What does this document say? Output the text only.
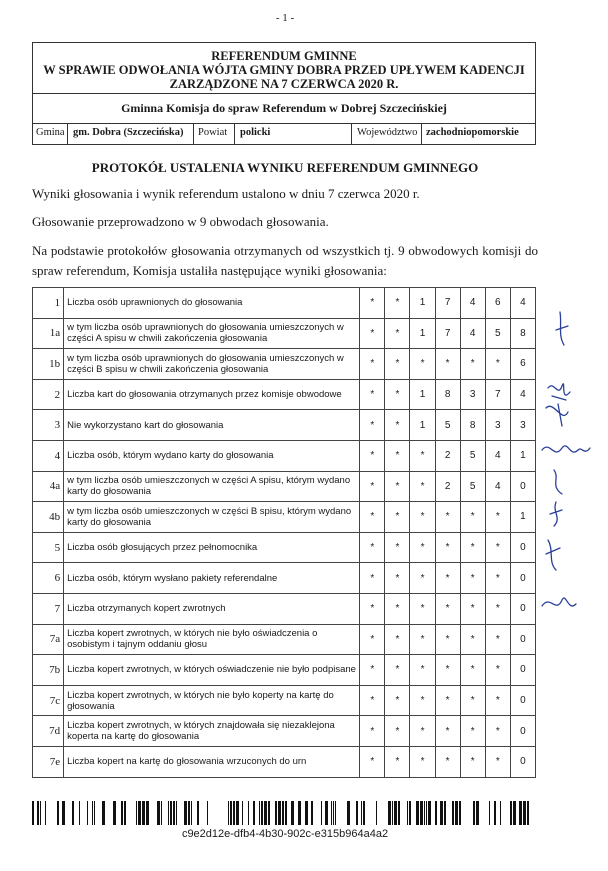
- 1 -
REFERENDUM GMINNE
W SPRAWIE ODWOŁANIA WÓJTA GMINY DOBRA PRZED UPŁYWEM KADENCJI
ZARZĄDZONE NA 7 CZERWCA 2020 R.
Gminna Komisja do spraw Referendum w Dobrej Szczecińskiej
Gmina gm. Dobra (Szczecińska) Powiat policki	Województwo zachodniopomorskie
PROTOKÓŁ USTALENIA WYNIKU REFERENDUM GMINNEGO
Wyniki głosowania i wynik referendum ustalono w dniu 7 czerwca 2020 r.
Głosowanie przeprowadzono w 9 obwodach głosowania.
Na podstawie protokołów głosowania otrzymanych od wszystkich tj. 9 obwodowych komisji do spraw referendum, Komisja ustaliła następujące wyniki głosowania:
1	Liczba osób uprawnionych do głosowania	*	*	1	7	4	6	4
1a	w tym liczba osób uprawnionych do głosowania umieszczonych w części A spisu w chwili zakończenia głosowania	*	*	1	7	4	5	8
1b	w tym liczba osób uprawnionych do głosowania umieszczonych w części B spisu w chwili zakończenia głosowania	*	*	*	*	*	*	6
2	Liczba kart do głosowania otrzymanych przez komisje obwodowe	*	*	1	8	3	7	4
3	Nie wykorzystano kart do głosowania	*	*	1	5	8	3	3
4	Liczba osób, którym wydano karty do głosowania	*	*	*	2	5	4	1
4a	w tym liczba osób umieszczonych w części A spisu, którym wydano karty do głosowania	*	*	*	2	5	4	0
4b	w tym liczba osób umieszczonych w części B spisu, którym wydano karty do głosowania	*	*	*	*	*	*	1
5	Liczba osób głosujących przez pełnomocnika	*	*	*	*	*	*	0
6	Liczba osób, którym wysłano pakiety referendalne	*	*	*	*	*	*	0
7	Liczba otrzymanych kopert zwrotnych	*	*	*	*	*	*	0
7a	Liczba kopert zwrotnych, w których nie było oświadczenia o osobistym i tajnym oddaniu głosu	*	*	*	*	*	*	0
7b	Liczba kopert zwrotnych, w których oświadczenie nie było podpisane	*	*	*	*	*	*	0
7c	Liczba kopert zwrotnych, w których nie było koperty na kartę do głosowania	*	*	*	*	*	*	0
7d	Liczba kopert zwrotnych, w których znajdowała się niezaklejona koperta na kartę do głosowania	*	*	*	*	*	*	0
7e	Liczba kopert na kartę do głosowania wrzuconych do urn	*	*	*	*	*	*	0
c9e2d12e-dfb4-4b30-902c-e315b964a4a2
